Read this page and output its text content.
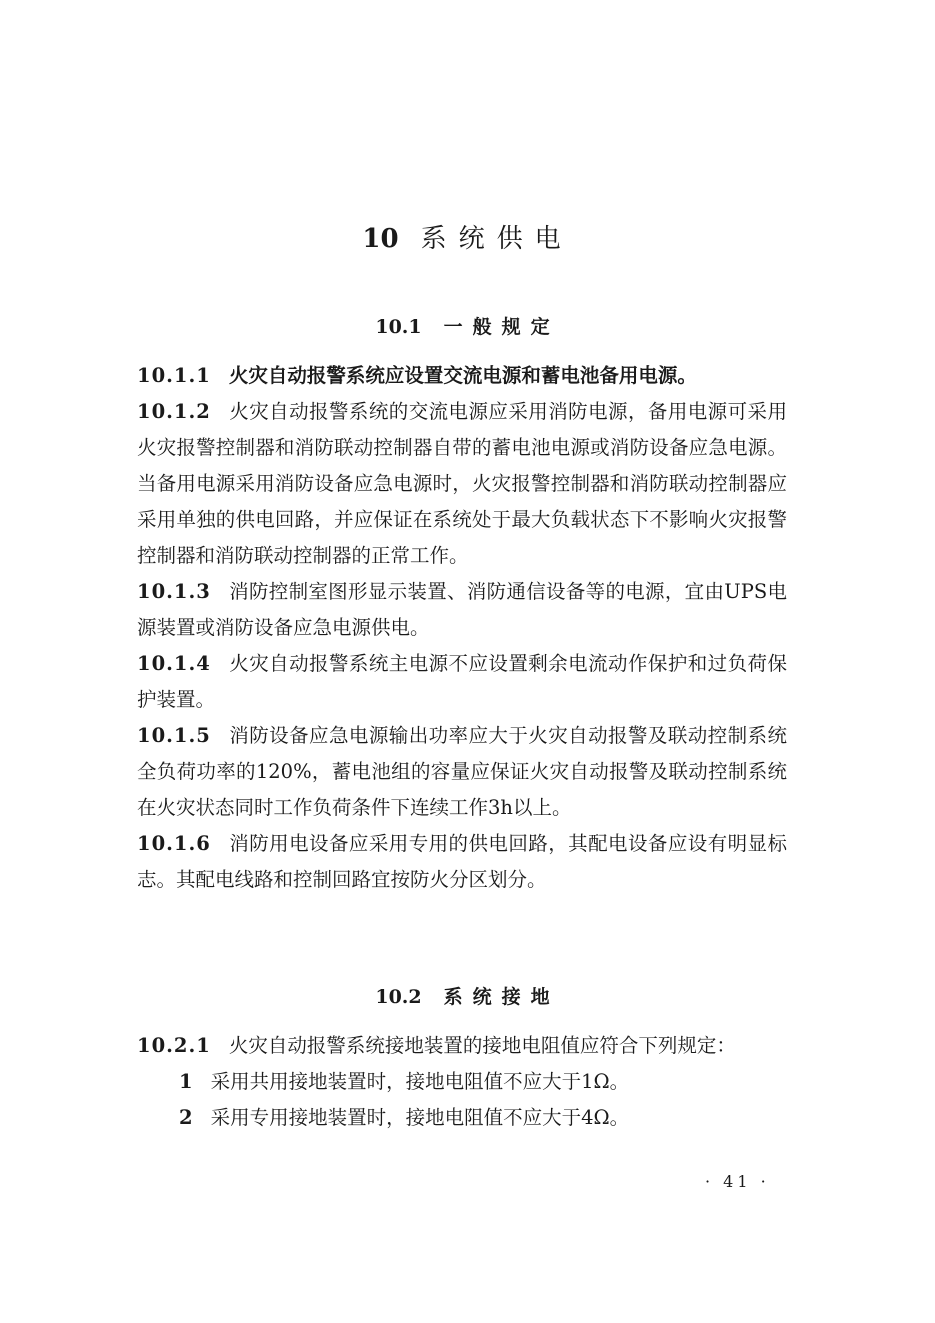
10 系统供电
10.1 一般规定

10.1.1 火灾自动报警系统应设置交流电源和蓄电池备用电源。

10.1.2 火灾自动报警系统的交流电源应采用消防电源，备用电源可采用火灾报警控制器和消防联动控制器自带的蓄电池电源或消防设备应急电源。当备用电源采用消防设备应急电源时，火灾报警控制器和消防联动控制器应采用单独的供电回路，并应保证在系统处于最大负载状态下不影响火灾报警控制器和消防联动控制器的正常工作。

10.1.3 消防控制室图形显示装置、消防通信设备等的电源，宜由UPS电源装置或消防设备应急电源供电。

10.1.4 火灾自动报警系统主电源不应设置剩余电流动作保护和过负荷保护装置。

10.1.5 消防设备应急电源输出功率应大于火灾自动报警及联动控制系统全负荷功率的120%，蓄电池组的容量应保证火灾自动报警及联动控制系统在火灾状态同时工作负荷条件下连续工作3h以上。

10.1.6 消防用电设备应采用专用的供电回路，其配电设备应设有明显标志。其配电线路和控制回路宜按防火分区划分。

10.2 系统接地

10.2.1 火灾自动报警系统接地装置的接地电阻值应符合下列规定：

1 采用共用接地装置时，接地电阻值不应大于1Ω。

2 采用专用接地装置时，接地电阻值不应大于4Ω。

· 41 ·
